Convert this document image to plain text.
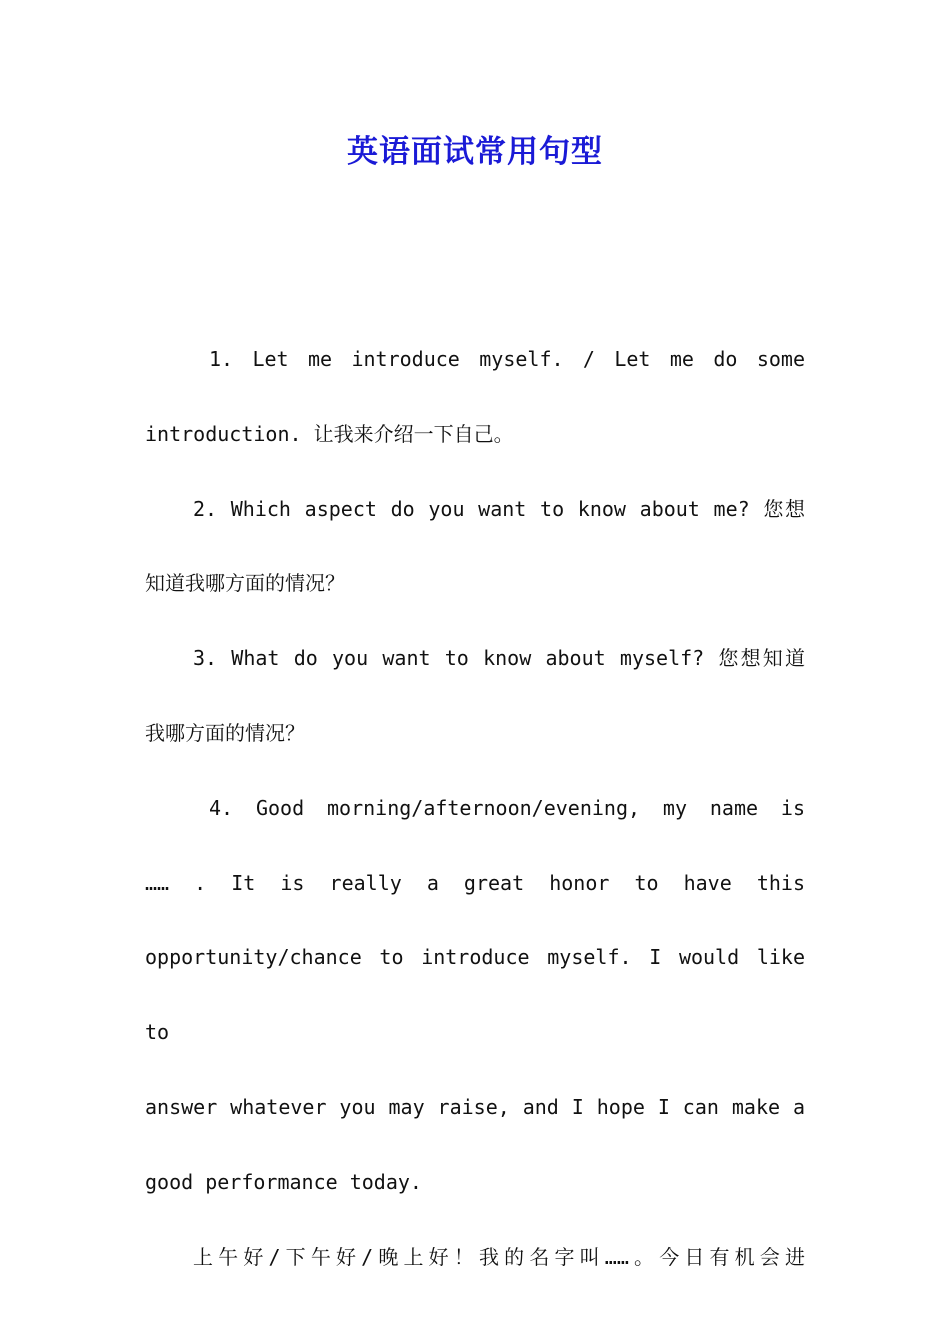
英语面试常用句型
1. Let me introduce myself. / Let me do some
introduction. 让我来介绍一下自己。
2. Which aspect do you want to know about me? 您想
知道我哪方面的情况？
3. What do you want to know about myself? 您想知道
我哪方面的情况？
4. Good morning/afternoon/evening, my name is
…… . It is really a great honor to have this
opportunity/chance to introduce myself. I would like to
answer whatever you may raise, and I hope I can make a
good performance today.
上午好/下午好/晚上好！我的名字叫……。今日有机会进
